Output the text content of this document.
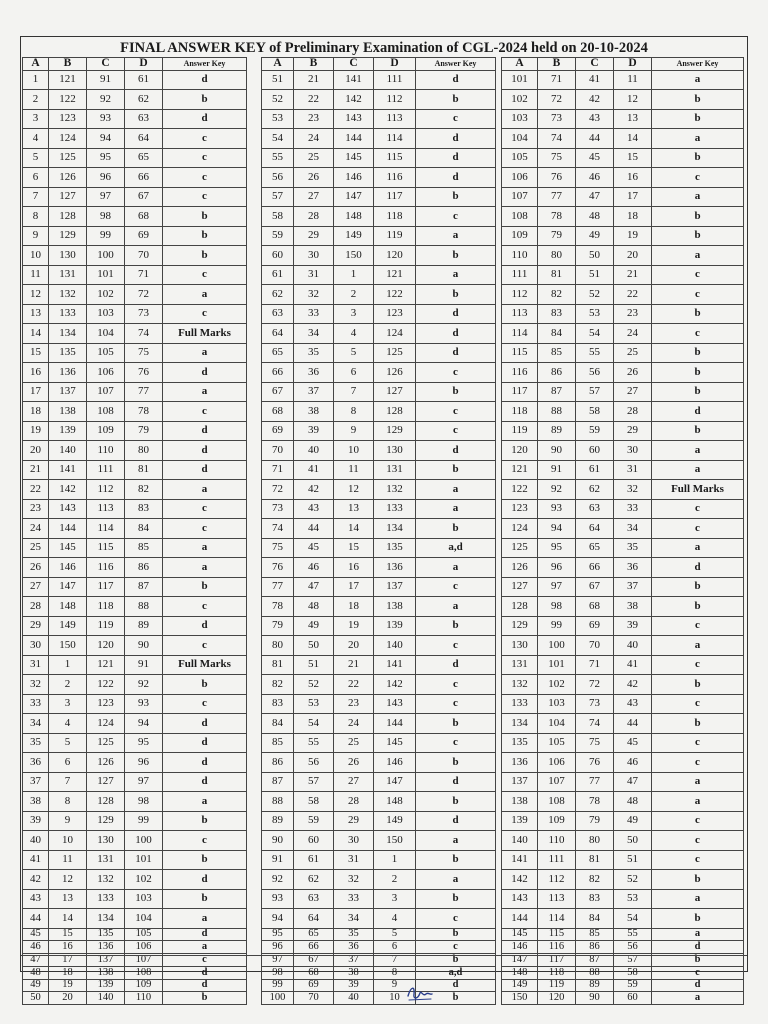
FINAL ANSWER KEY of Preliminary Examination of CGL-2024 held on 20-10-2024
A	B	C	D	Answer Key
1	121	91	61	d
2	122	92	62	b
3	123	93	63	d
4	124	94	64	c
5	125	95	65	c
6	126	96	66	c
7	127	97	67	c
8	128	98	68	b
9	129	99	69	b
10	130	100	70	b
11	131	101	71	c
12	132	102	72	a
13	133	103	73	c
14	134	104	74	Full Marks
15	135	105	75	a
16	136	106	76	d
17	137	107	77	a
18	138	108	78	c
19	139	109	79	d
20	140	110	80	d
21	141	111	81	d
22	142	112	82	a
23	143	113	83	c
24	144	114	84	c
25	145	115	85	a
26	146	116	86	a
27	147	117	87	b
28	148	118	88	c
29	149	119	89	d
30	150	120	90	c
31	1	121	91	Full Marks
32	2	122	92	b
33	3	123	93	c
34	4	124	94	d
35	5	125	95	d
36	6	126	96	d
37	7	127	97	d
38	8	128	98	a
39	9	129	99	b
40	10	130	100	c
41	11	131	101	b
42	12	132	102	d
43	13	133	103	b
44	14	134	104	a
45	15	135	105	d
46	16	136	106	a
47	17	137	107	c
48	18	138	108	d
49	19	139	109	d
50	20	140	110	b
A	B	C	D	Answer Key
51	21	141	111	d
52	22	142	112	b
53	23	143	113	c
54	24	144	114	d
55	25	145	115	d
56	26	146	116	d
57	27	147	117	b
58	28	148	118	c
59	29	149	119	a
60	30	150	120	b
61	31	1	121	a
62	32	2	122	b
63	33	3	123	d
64	34	4	124	d
65	35	5	125	d
66	36	6	126	c
67	37	7	127	b
68	38	8	128	c
69	39	9	129	c
70	40	10	130	d
71	41	11	131	b
72	42	12	132	a
73	43	13	133	a
74	44	14	134	b
75	45	15	135	a,d
76	46	16	136	a
77	47	17	137	c
78	48	18	138	a
79	49	19	139	b
80	50	20	140	c
81	51	21	141	d
82	52	22	142	c
83	53	23	143	c
84	54	24	144	b
85	55	25	145	c
86	56	26	146	b
87	57	27	147	d
88	58	28	148	b
89	59	29	149	d
90	60	30	150	a
91	61	31	1	b
92	62	32	2	a
93	63	33	3	b
94	64	34	4	c
95	65	35	5	b
96	66	36	6	c
97	67	37	7	b
98	68	38	8	a,d
99	69	39	9	d
100	70	40	10	b
A	B	C	D	Answer Key
101	71	41	11	a
102	72	42	12	b
103	73	43	13	b
104	74	44	14	a
105	75	45	15	b
106	76	46	16	c
107	77	47	17	a
108	78	48	18	b
109	79	49	19	b
110	80	50	20	a
111	81	51	21	c
112	82	52	22	c
113	83	53	23	b
114	84	54	24	c
115	85	55	25	b
116	86	56	26	b
117	87	57	27	b
118	88	58	28	d
119	89	59	29	b
120	90	60	30	a
121	91	61	31	a
122	92	62	32	Full Marks
123	93	63	33	c
124	94	64	34	c
125	95	65	35	a
126	96	66	36	d
127	97	67	37	b
128	98	68	38	b
129	99	69	39	c
130	100	70	40	a
131	101	71	41	c
132	102	72	42	b
133	103	73	43	c
134	104	74	44	b
135	105	75	45	c
136	106	76	46	c
137	107	77	47	a
138	108	78	48	a
139	109	79	49	c
140	110	80	50	c
141	111	81	51	c
142	112	82	52	b
143	113	83	53	a
144	114	84	54	b
145	115	85	55	a
146	116	86	56	d
147	117	87	57	b
148	118	88	58	c
149	119	89	59	d
150	120	90	60	a
